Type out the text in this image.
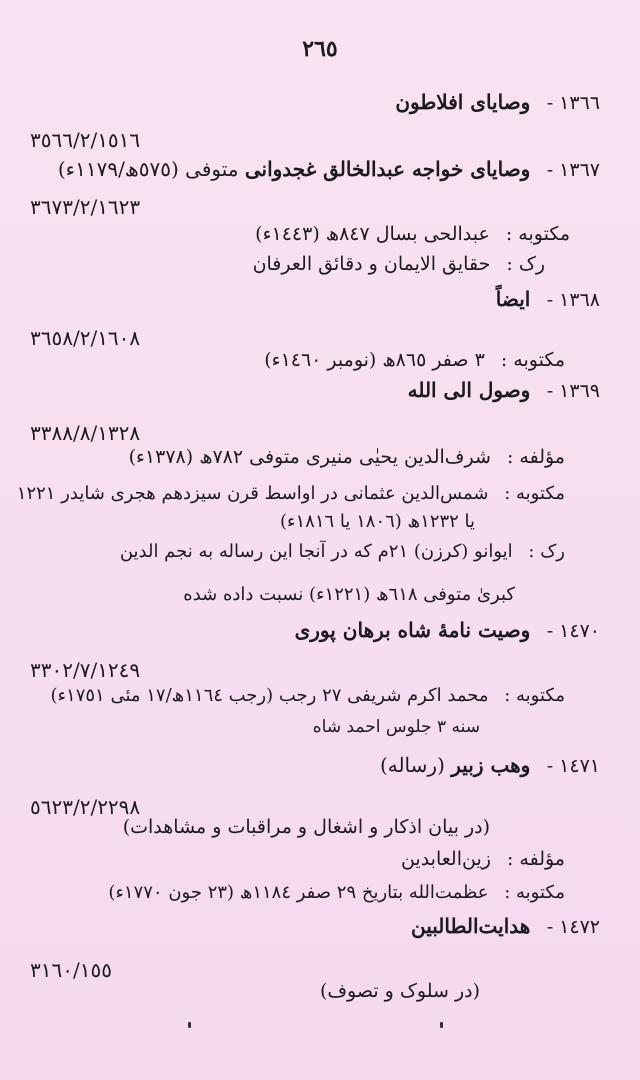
٢٦٥
١٣٦٦ - وصایای افلاطون
٣٥٦٦/٢/١٥١٦
١٣٦٧ - وصایای خواجه عبدالخالق غجدوانی متوفی (٥٧٥ھ/١١٧٩ء)
٣٦٧٣/٢/١٦٢٣
مکتوبه : عبدالحی بسال ٨٤٧ھ (١٤٤٣ء)
رک : حقایق الایمان و دقائق العرفان
١٣٦٨ - ایضاً
٣٦٥٨/٢/١٦٠٨
مکتوبه : ٣ صفر ٨٦٥ھ (نومبر ١٤٦٠ء)
١٣٦٩ - وصول الی الله
٣٣٨٨/٨/١٣٢٨
مؤلفه : شرف‌الدین یحیٰی منیری متوفی ٧٨٢ھ (١٣٧٨ء)
مکتوبه : شمس‌الدین عثمانی در اواسط قرن سیزدهم هجری شایدر ١٢٢١
یا ١٢٣٢ھ (١٨٠٦ یا ١٨١٦ء)
رک : ایوانو (کرزن) ٢١م که در آنجا این رساله به نجم الدین
کبریٰ متوفی ٦١٨ھ (١٢٢١ء) نسبت داده شده
١٤٧٠ - وصیت نامهٔ شاه برهان پوری
٣٣٠٢/٧/١٢٤٩
مکتوبه : محمد اکرم شریفی ٢٧ رجب (رجب ١١٦٤ھ/١٧ مئی ١٧٥١ء)
سنه ٣ جلوس احمد شاه
١٤٧١ - وهب زبیر (رساله)
٥٦٢٣/٢/٢٢٩٨
(در بیان اذکار و اشغال و مراقبات و مشاهدات)
مؤلفه : زین‌العابدین
مکتوبه : عظمت‌الله بتاریخ ٢٩ صفر ١١٨٤ھ (٢٣ جون ١٧٧٠ء)
١٤٧٢ - هدایت‌الطالبین
٣١٦٠/١٥٥
(در سلوک و تصوف)
